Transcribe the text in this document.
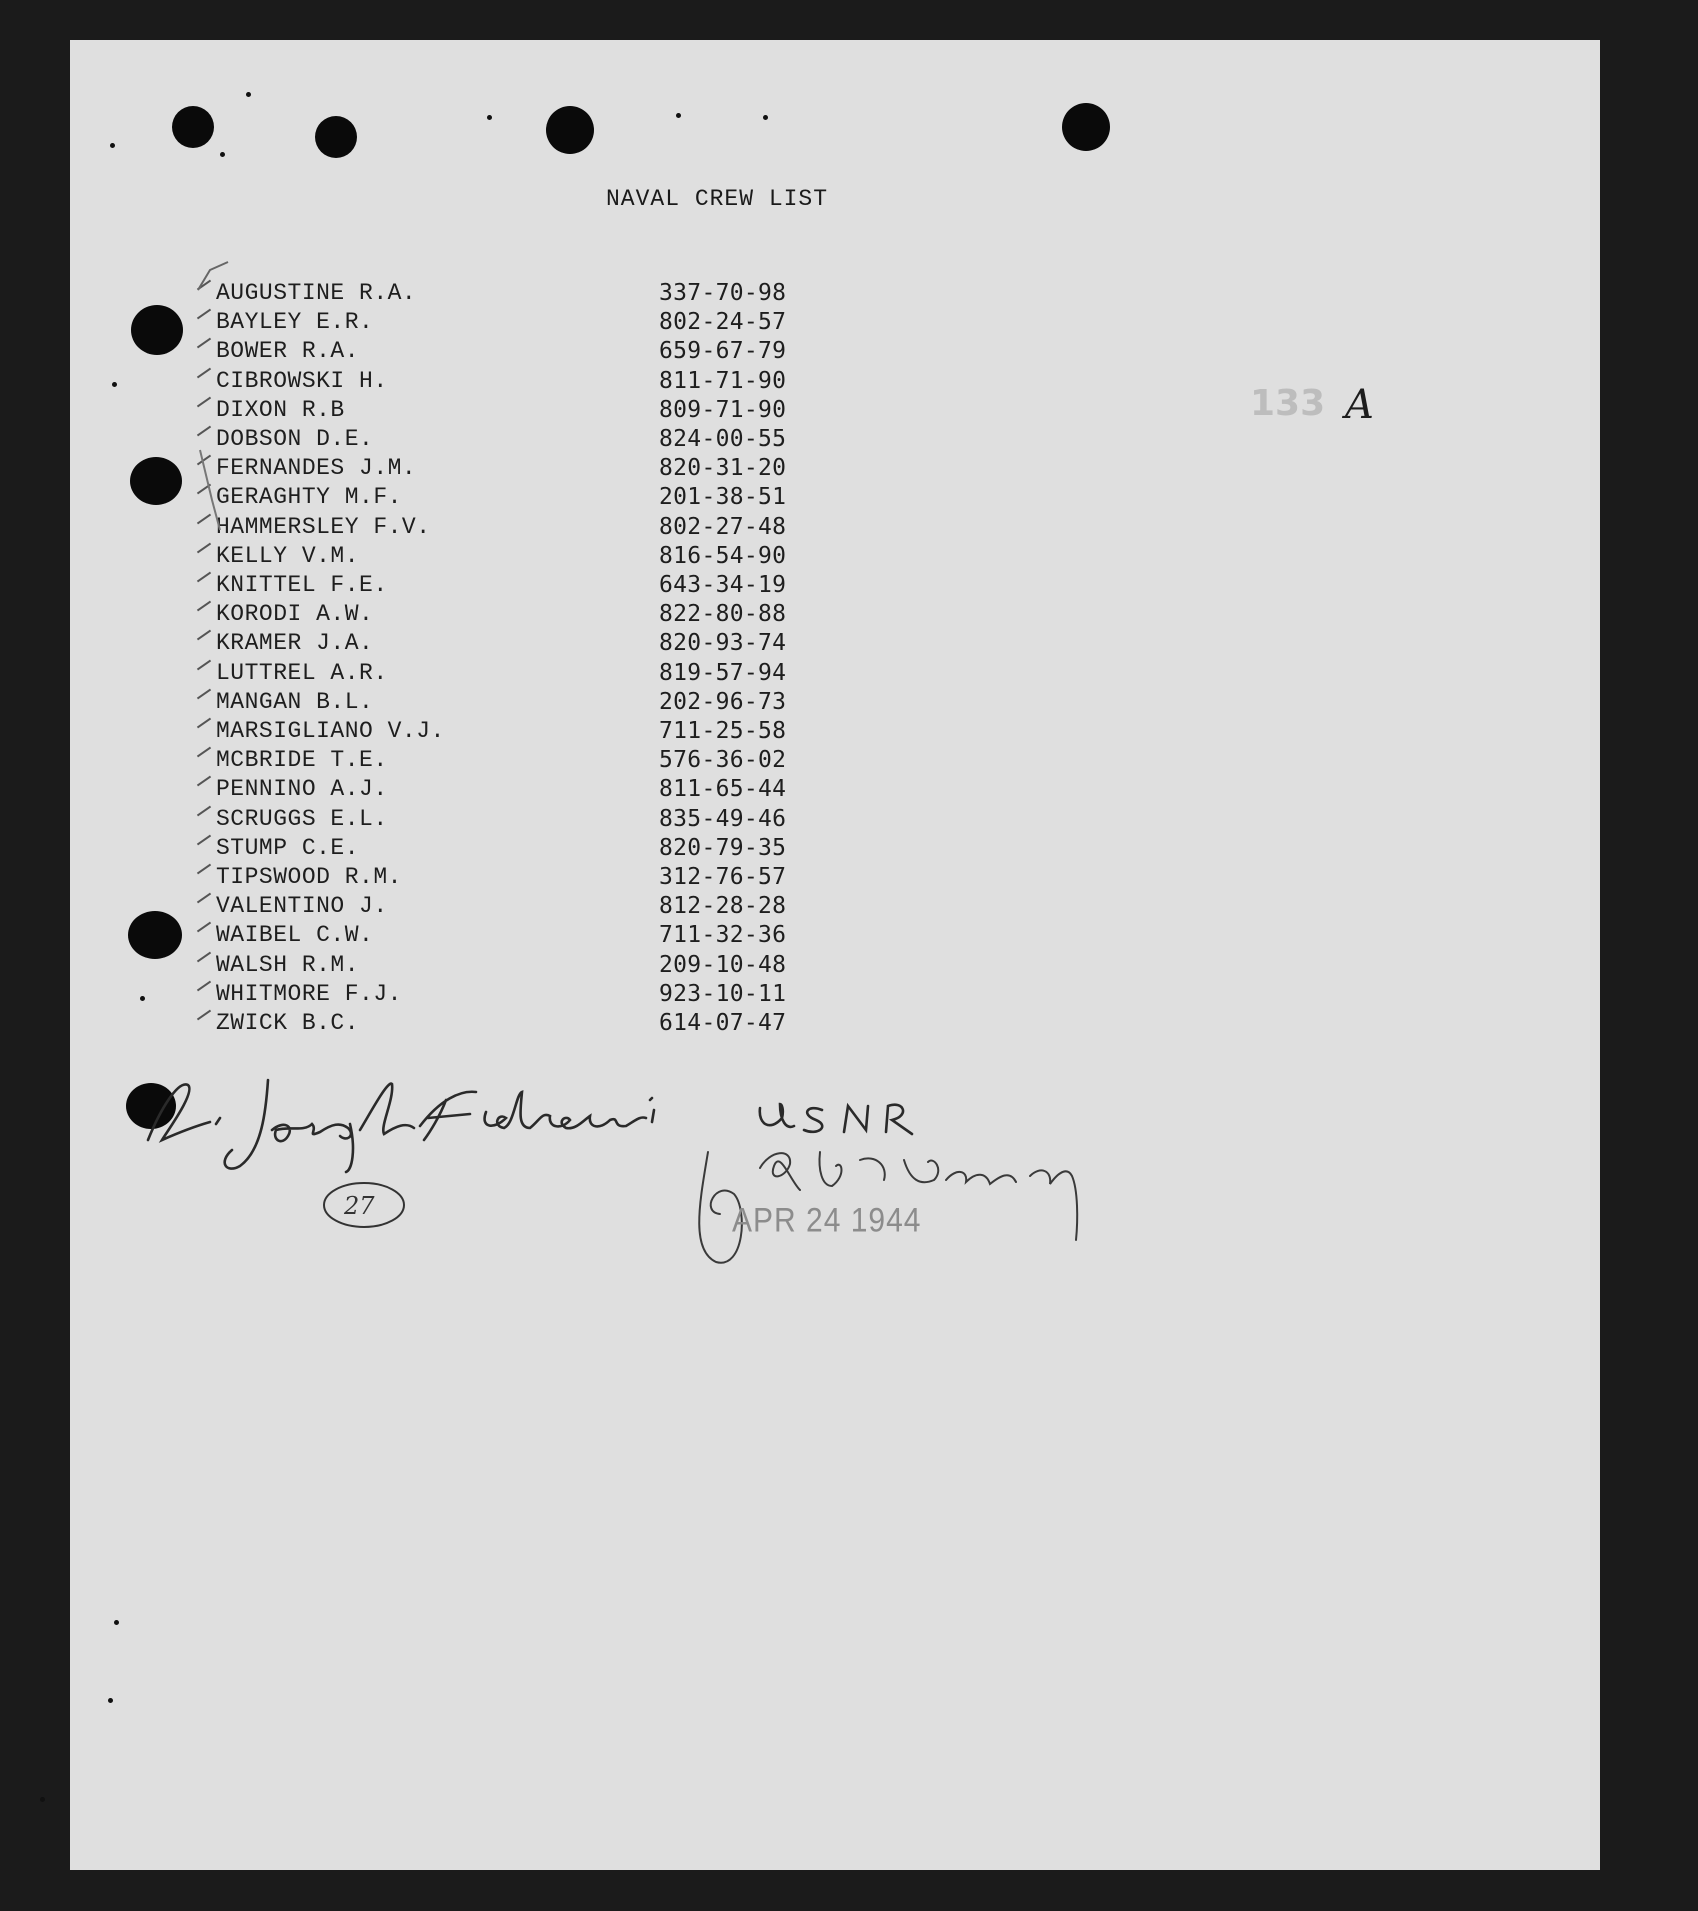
NAVAL CREW LIST
AUGUSTINE R.A.	337-70-98
BAYLEY E.R.	802-24-57
BOWER R.A.	659-67-79
CIBROWSKI H.	811-71-90
DIXON R.B	809-71-90
DOBSON D.E.	824-00-55
FERNANDES J.M.	820-31-20
GERAGHTY M.F.	201-38-51
HAMMERSLEY F.V.	802-27-48
KELLY V.M.	816-54-90
KNITTEL F.E.	643-34-19
KORODI A.W.	822-80-88
KRAMER J.A.	820-93-74
LUTTREL A.R.	819-57-94
MANGAN B.L.	202-96-73
MARSIGLIANO V.J.	711-25-58
MCBRIDE T.E.	576-36-02
PENNINO A.J.	811-65-44
SCRUGGS E.L.	835-49-46
STUMP C.E.	820-79-35
TIPSWOOD R.M.	312-76-57
VALENTINO J.	812-28-28
WAIBEL C.W.	711-32-36
WALSH R.M.	209-10-48
WHITMORE F.J.	923-10-11
ZWICK B.C.	614-07-47
133 A
27	APR 24 1944
